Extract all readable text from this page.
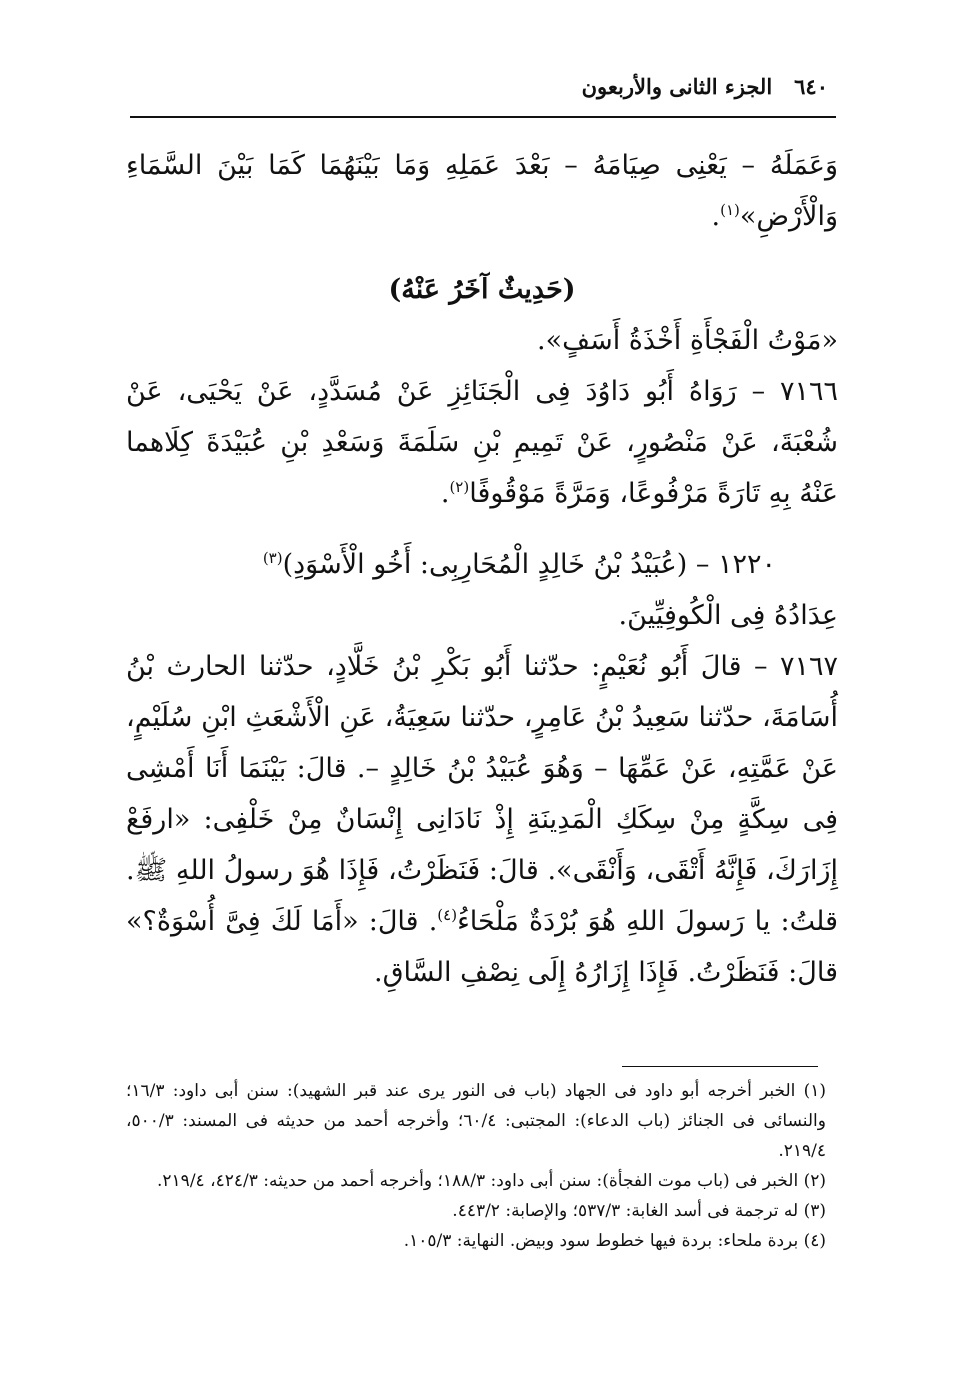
٦٤٠
الجزء الثانى والأربعون

وَعَمَلَهُ – يَعْنِى صِيَامَهُ – بَعْدَ عَمَلِهِ وَمَا بَيْنَهُمَا كَمَا بَيْنَ السَّمَاءِ وَالْأَرْضِ»$^{(١)}$.

(حَدِيثٌ آخَرُ عَنْهُ)

«مَوْتُ الْفَجْأَةِ أَخْذَةُ أَسَفٍ».

٧١٦٦ – رَوَاهُ أَبُو دَاوُدَ فِى الْجَنَائِزِ عَنْ مُسَدَّدٍ، عَنْ يَحْيَى، عَنْ شُعْبَةَ، عَنْ مَنْصُورٍ، عَنْ تَمِيمِ بْنِ سَلَمَةَ وَسَعْدِ بْنِ عُبَيْدَةَ كِلَاهما عَنْهُ بِهِ تَارَةً مَرْفُوعًا، وَمَرَّةً مَوْقُوفًا$^{(٢)}$.

١٢٢٠ – (عُبَيْدُ بْنُ خَالِدٍ الْمُحَارِبِى: أَخُو الْأَسْوَدِ)$^{(٣)}$

عِدَادُهُ فِى الْكُوفِيِّينَ.

٧١٦٧ – قالَ أَبُو نُعَيْمٍ: حدّثنا أَبُو بَكْرِ بْنُ خَلَّادٍ، حدّثنا الحارث بْنُ أُسَامَةَ، حدّثنا سَعِيدُ بْنُ عَامِرٍ، حدّثنا سَعِيَةُ، عَنِ الْأَشْعَثِ ابْنِ سُلَيْمٍ، عَنْ عَمَّتِهِ، عَنْ عَمِّهَا – وَهُوَ عُبَيْدُ بْنُ خَالِدٍ –. قالَ: بَيْنَمَا أَنَا أَمْشِى فِى سِكَّةٍ مِنْ سِكَكِ الْمَدِينَةِ إِذْ نَادَانِى إِنْسَانٌ مِنْ خَلْفِى: «ارفَعْ إِزَارَكَ، فَإِنَّهُ أَتْقَى، وَأَنْقَى». قالَ: فَنَظَرْتُ، فَإِذَا هُوَ رسولُ اللهِ ﷺ. قلتُ: يا رَسولَ اللهِ هُوَ بُرْدَةٌ مَلْحَاءُ$^{(٤)}$. قالَ: «أَمَا لَكَ فِىَّ أُسْوَةٌ؟» قالَ: فَنَظَرْتُ. فَإِذَا إِزَارُهُ إِلَى نِصْفِ السَّاقِ.

(١) الخبر أخرجه أبو داود فى الجهاد (باب فى النور يرى عند قبر الشهيد): سنن أبى داود: ١٦/٣؛ والنسائى فى الجنائز (باب الدعاء): المجتبى: ٦٠/٤؛ وأخرجه أحمد من حديثه فى المسند: ٥٠٠/٣، ٢١٩/٤.

(٢) الخبر فى (باب موت الفجأة): سنن أبى داود: ١٨٨/٣؛ وأخرجه أحمد من حديثه: ٤٢٤/٣، ٢١٩/٤.

(٣) له ترجمة فى أسد الغابة: ٥٣٧/٣؛ والإصابة: ٤٤٣/٢.

(٤) بردة ملحاء: بردة فيها خطوط سود وبيض. النهاية: ١٠٥/٣.
